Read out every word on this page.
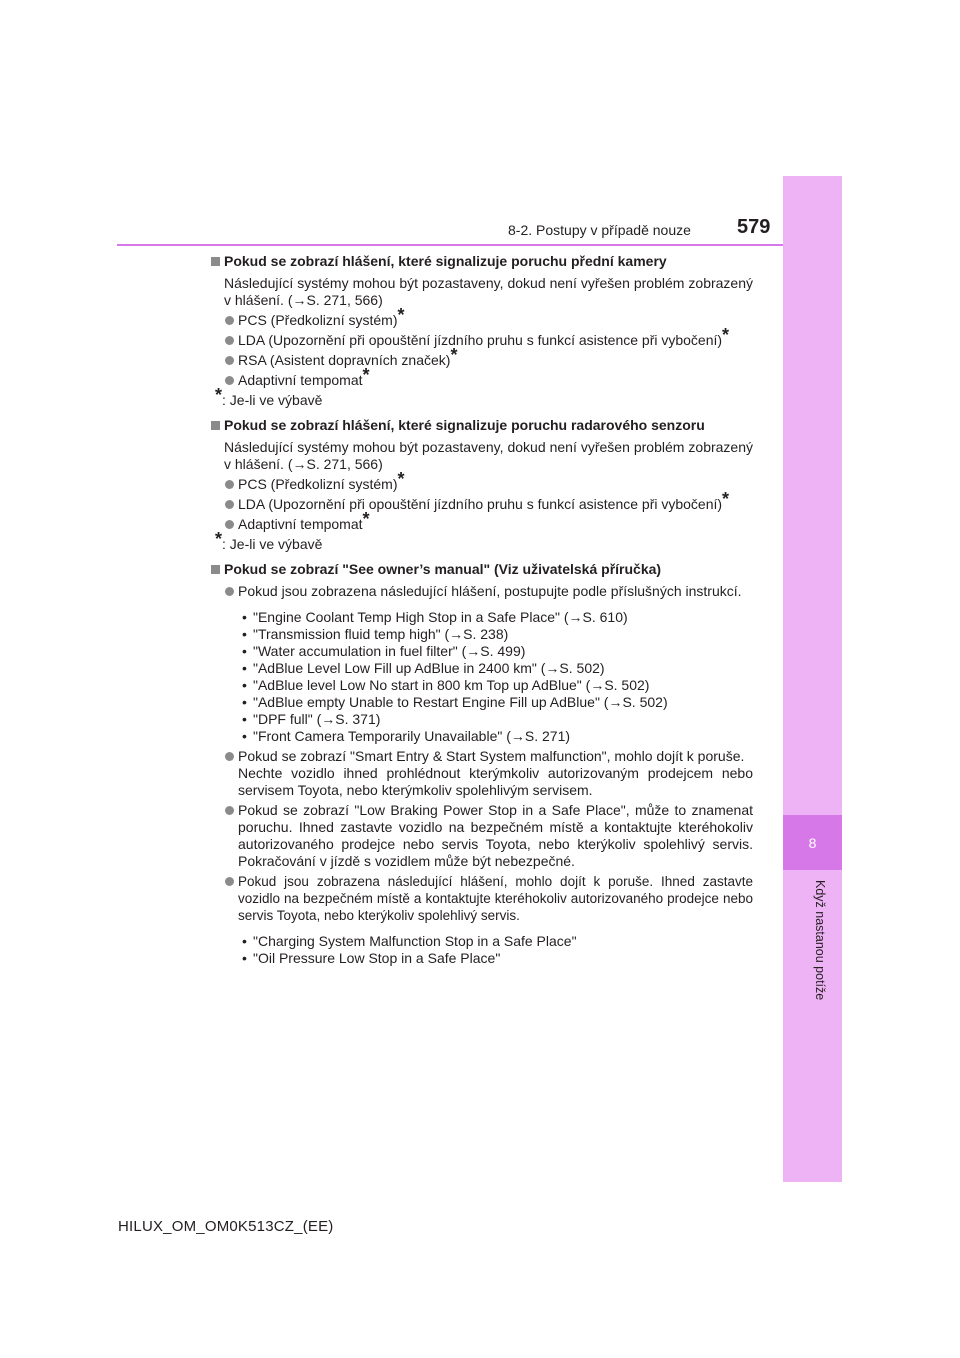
8
Když nastanou potíže
8-2. Postupy v případě nouze 579
Pokud se zobrazí hlášení, které signalizuje poruchu přední kamery
Následující systémy mohou být pozastaveny, dokud není vyřešen problém zobrazený v hlášení. (→S. 271, 566)
PCS (Předkolizní systém)*
LDA (Upozornění při opouštění jízdního pruhu s funkcí asistence při vybočení)*
RSA (Asistent dopravních značek)*
Adaptivní tempomat*
*: Je-li ve výbavě
Pokud se zobrazí hlášení, které signalizuje poruchu radarového senzoru
Následující systémy mohou být pozastaveny, dokud není vyřešen problém zobrazený v hlášení. (→S. 271, 566)
PCS (Předkolizní systém)*
LDA (Upozornění při opouštění jízdního pruhu s funkcí asistence při vybočení)*
Adaptivní tempomat*
*: Je-li ve výbavě
Pokud se zobrazí "See owner’s manual" (Viz uživatelská příručka)
Pokud jsou zobrazena následující hlášení, postupujte podle příslušných instrukcí.
• "Engine Coolant Temp High Stop in a Safe Place" (→S. 610)
• "Transmission fluid temp high" (→S. 238)
• "Water accumulation in fuel filter" (→S. 499)
• "AdBlue Level Low Fill up AdBlue in 2400 km" (→S. 502)
• "AdBlue level Low No start in 800 km Top up AdBlue" (→S. 502)
• "AdBlue empty Unable to Restart Engine Fill up AdBlue" (→S. 502)
• "DPF full" (→S. 371)
• "Front Camera Temporarily Unavailable" (→S. 271)
Pokud se zobrazí "Smart Entry & Start System malfunction", mohlo dojít k poruše.
Nechte vozidlo ihned prohlédnout kterýmkoliv autorizovaným prodejcem nebo servisem Toyota, nebo kterýmkoliv spolehlivým servisem.
Pokud se zobrazí "Low Braking Power Stop in a Safe Place", může to znamenat poruchu. Ihned zastavte vozidlo na bezpečném místě a kontaktujte kteréhokoliv autorizovaného prodejce nebo servis Toyota, nebo kterýkoliv spolehlivý servis. Pokračování v jízdě s vozidlem může být nebezpečné.
Pokud jsou zobrazena následující hlášení, mohlo dojít k poruše. Ihned zastavte vozidlo na bezpečném místě a kontaktujte kteréhokoliv autorizovaného prodejce nebo servis Toyota, nebo kterýkoliv spolehlivý servis.
• "Charging System Malfunction Stop in a Safe Place"
• "Oil Pressure Low Stop in a Safe Place"
HILUX_OM_OM0K513CZ_(EE)
